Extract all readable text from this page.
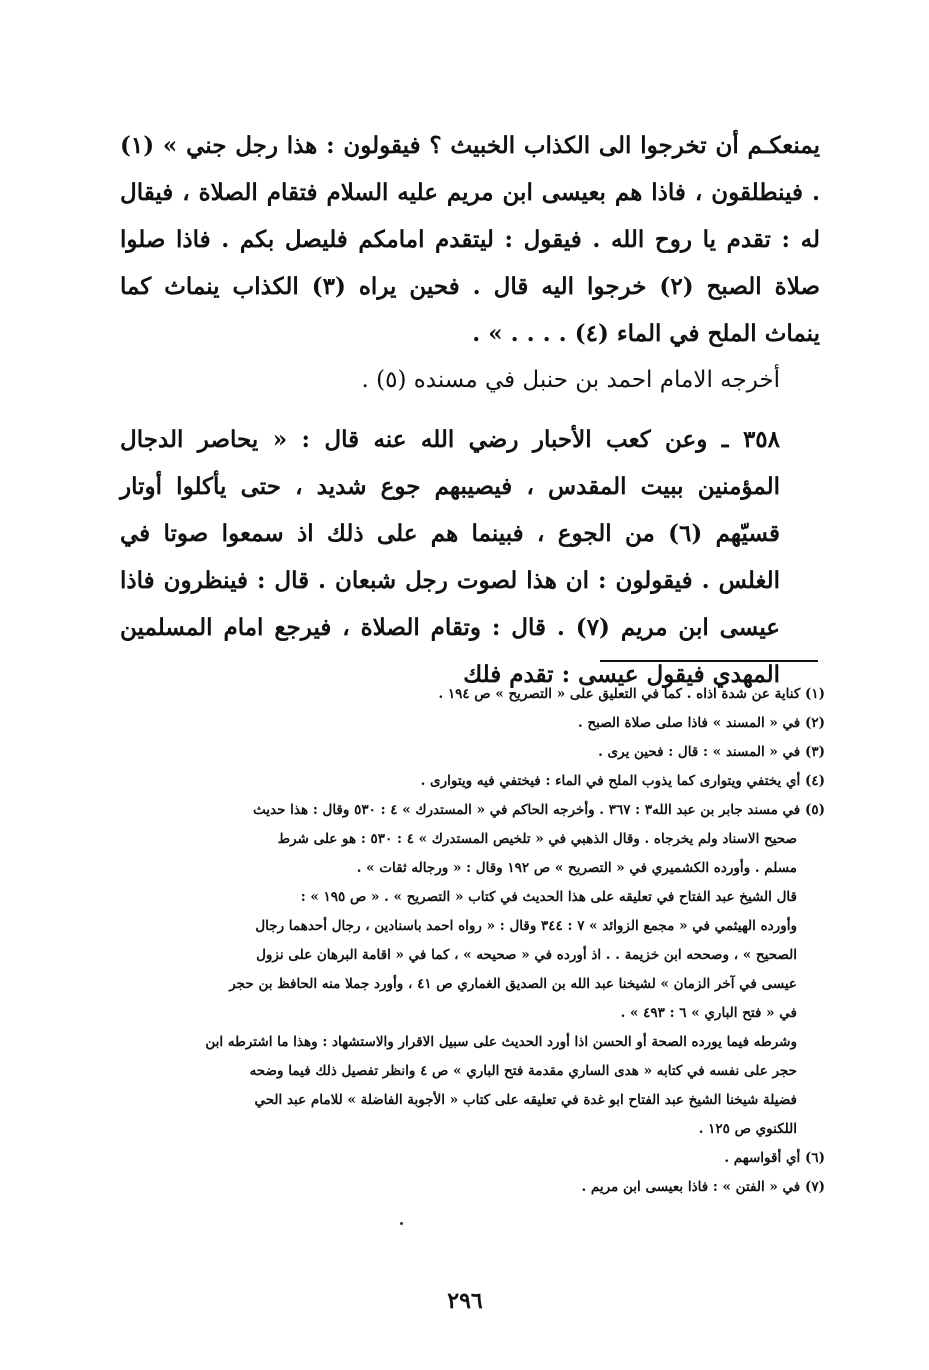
يمنعكـم أن تخرجوا الى الكذاب الخبيث ؟ فيقولون : هذا رجل جني » (١) . فينطلقون ، فاذا هم بعيسى ابن مريم عليه السلام فتقام الصلاة ، فيقال له : تقدم يا روح الله . فيقول : ليتقدم امامكم فليصل بكم . فاذا صلوا صلاة الصبح (٢) خرجوا اليه قال . فحين يراه (٣) الكذاب ينماث كما ينماث الملح في الماء (٤) . . . . » .

أخرجه الامام احمد بن حنبل في مسنده (٥) .

٣٥٨ ـ وعن كعب الأحبار رضي الله عنه قال : « يحاصر الدجال المؤمنين ببيت المقدس ، فيصيبهم جوع شديد ، حتى يأكلوا أوتار قسيّهم (٦) من الجوع ، فبينما هم على ذلك اذ سمعوا صوتا في الغلس . فيقولون : ان هذا لصوت رجل شبعان . قال : فينظرون فاذا عيسى ابن مريم (٧) . قال : وتقام الصلاة ، فيرجع امام المسلمين المهدي فيقول عيسى : تقدم فلك

(١) كناية عن شدة اذاه . كما في التعليق على « التصريح » ص ١٩٤ .

(٢) في « المسند » فاذا صلى صلاة الصبح .

(٣) في « المسند » : قال : فحين يرى .

(٤) أي يختفي ويتوارى كما يذوب الملح في الماء : فيختفي فيه ويتوارى .

(٥) في مسند جابر بن عبد الله٣ : ٣٦٧ . وأخرجه الحاكم في « المستدرك » ٤ : ٥٣٠ وقال : هذا حديث

صحيح الاسناد ولم يخرجاه . وقال الذهبي في « تلخيص المستدرك » ٤ : ٥٣٠ : هو على شرط

مسلم . وأورده الكشميري في « التصريح » ص ١٩٢ وقال : « ورجاله ثقات » .

قال الشيخ عبد الفتاح في تعليقه على هذا الحديث في كتاب « التصريح » . « ص ١٩٥ » :

وأورده الهيثمي في « مجمع الزوائد » ٧ : ٣٤٤ وقال : « رواه احمد باسنادين ، رجال أحدهما رجال

الصحيح » ، وصححه ابن خزيمة . . اذ أورده في « صحيحه » ، كما في « اقامة البرهان على نزول

عيسى في آخر الزمان » لشيخنا عبد الله بن الصديق الغماري ص ٤١ ، وأورد جملا منه الحافظ بن حجر

في « فتح الباري » ٦ : ٤٩٣ » .

وشرطه فيما يورده الصحة أو الحسن اذا أورد الحديث على سبيل الاقرار والاستشهاد : وهذا ما اشترطه ابن

حجر على نفسه في كتابه « هدى الساري مقدمة فتح الباري » ص ٤ وانظر تفصيل ذلك فيما وضحه

فضيلة شيخنا الشيخ عبد الفتاح ابو غدة في تعليقه على كتاب « الأجوبة الفاضلة » للامام عبد الحي

اللكنوي ص ١٢٥ .

(٦) أي أقواسهم .

(٧) في « الفتن » : فاذا بعيسى ابن مريم .

٢٩٦
